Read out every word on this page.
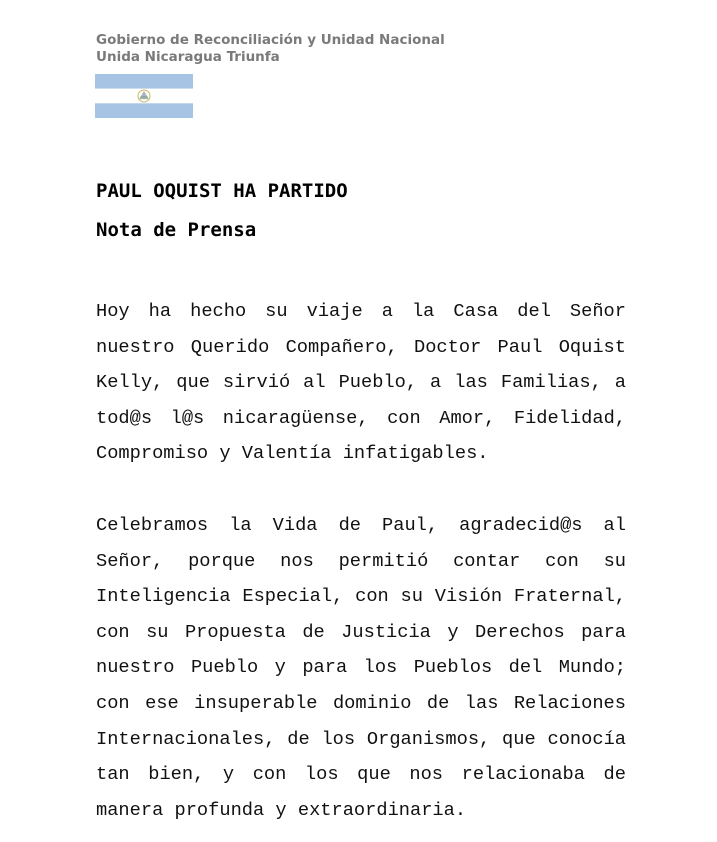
Gobierno de Reconciliación y Unidad Nacional

Unida Nicaragua Triunfa

PAUL OQUIST HA PARTIDO

Nota de Prensa

Hoy ha hecho su viaje a la Casa del Señor nuestro Querido Compañero, Doctor Paul Oquist Kelly, que sirvió al Pueblo, a las Familias, a tod@s l@s nicaragüense, con Amor, Fidelidad, Compromiso y Valentía infatigables.

Celebramos la Vida de Paul, agradecid@s al Señor, porque nos permitió contar con su Inteligencia Especial, con su Visión Fraternal, con su Propuesta de Justicia y Derechos para nuestro Pueblo y para los Pueblos del Mundo; con ese insuperable dominio de las Relaciones Internacionales, de los Organismos, que conocía tan bien, y con los que nos relacionaba de manera profunda y extraordinaria.
